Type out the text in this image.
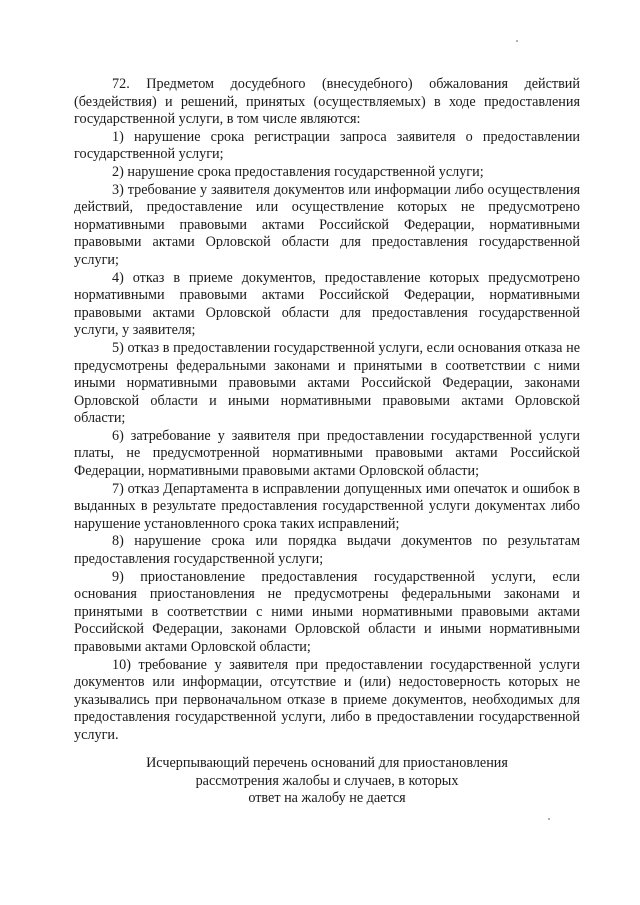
72. Предметом досудебного (внесудебного) обжалования действий (бездействия) и решений, принятых (осуществляемых) в ходе предоставления государственной услуги, в том числе являются:

1) нарушение срока регистрации запроса заявителя о предоставлении государственной услуги;

2) нарушение срока предоставления государственной услуги;

3) требование у заявителя документов или информации либо осуществления действий, предоставление или осуществление которых не предусмотрено нормативными правовыми актами Российской Федерации, нормативными правовыми актами Орловской области для предоставления государственной услуги;

4) отказ в приеме документов, предоставление которых предусмотрено нормативными правовыми актами Российской Федерации, нормативными правовыми актами Орловской области для предоставления государственной услуги, у заявителя;

5) отказ в предоставлении государственной услуги, если основания отказа не предусмотрены федеральными законами и принятыми в соответствии с ними иными нормативными правовыми актами Российской Федерации, законами Орловской области и иными нормативными правовыми актами Орловской области;

6) затребование у заявителя при предоставлении государственной услуги платы, не предусмотренной нормативными правовыми актами Российской Федерации, нормативными правовыми актами Орловской области;

7) отказ Департамента в исправлении допущенных ими опечаток и ошибок в выданных в результате предоставления государственной услуги документах либо нарушение установленного срока таких исправлений;

8) нарушение срока или порядка выдачи документов по результатам предоставления государственной услуги;

9) приостановление предоставления государственной услуги, если основания приостановления не предусмотрены федеральными законами и принятыми в соответствии с ними иными нормативными правовыми актами Российской Федерации, законами Орловской области и иными нормативными правовыми актами Орловской области;

10) требование у заявителя при предоставлении государственной услуги документов или информации, отсутствие и (или) недостоверность которых не указывались при первоначальном отказе в приеме документов, необходимых для предоставления государственной услуги, либо в предоставлении государственной услуги.

Исчерпывающий перечень оснований для приостановления
рассмотрения жалобы и случаев, в которых
ответ на жалобу не дается
